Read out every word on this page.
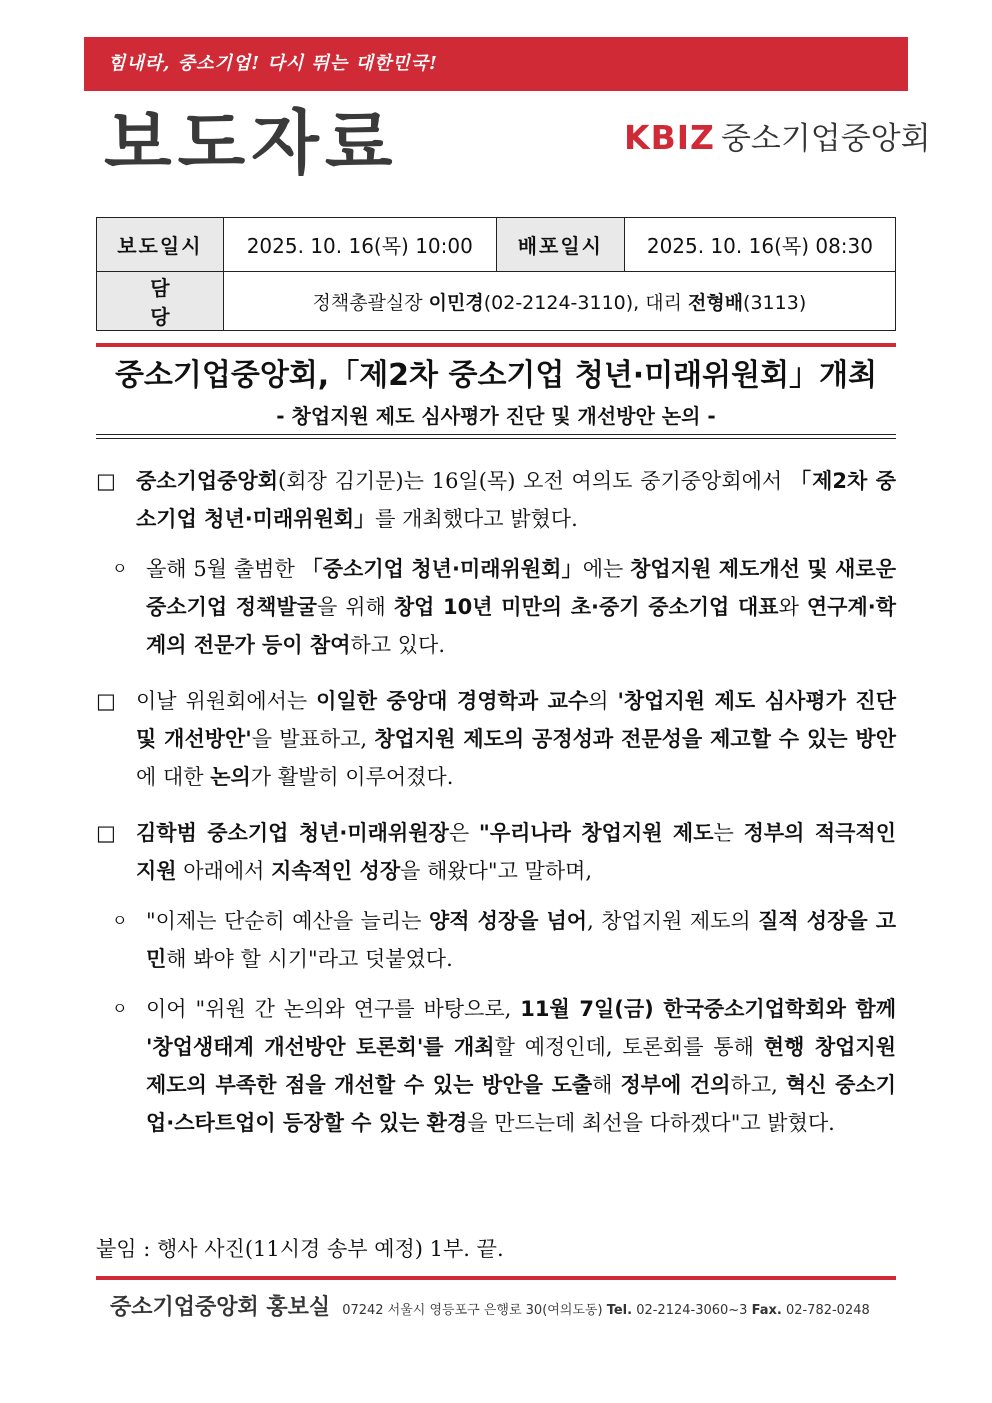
힘내라, 중소기업! 다시 뛰는 대한민국!
보도자료	KBIZ 중소기업중앙회
보도일시	2025. 10. 16(목) 10:00	배포일시	2025. 10. 16(목) 08:30
담당	정책총괄실장 이민경(02-2124-3110), 대리 전형배(3113)		
중소기업중앙회,「제2차 중소기업 청년·미래위원회」개최
- 창업지원 제도 심사평가 진단 및 개선방안 논의 -
□ 중소기업중앙회(회장 김기문)는 16일(목) 오전 여의도 중기중앙회에서 「제2차 중소기업 청년·미래위원회」를 개최했다고 밝혔다.
ㅇ 올해 5월 출범한 「중소기업 청년·미래위원회」에는 창업지원 제도개선 및 새로운 중소기업 정책발굴을 위해 창업 10년 미만의 초·중기 중소기업 대표와 연구계·학계의 전문가 등이 참여하고 있다.
□ 이날 위원회에서는 이일한 중앙대 경영학과 교수의 '창업지원 제도 심사평가 진단 및 개선방안'을 발표하고, 창업지원 제도의 공정성과 전문성을 제고할 수 있는 방안에 대한 논의가 활발히 이루어졌다.
□ 김학범 중소기업 청년·미래위원장은 "우리나라 창업지원 제도는 정부의 적극적인 지원 아래에서 지속적인 성장을 해왔다"고 말하며,
ㅇ "이제는 단순히 예산을 늘리는 양적 성장을 넘어, 창업지원 제도의 질적 성장을 고민해 봐야 할 시기"라고 덧붙였다.
ㅇ 이어 "위원 간 논의와 연구를 바탕으로, 11월 7일(금) 한국중소기업학회와 함께 '창업생태계 개선방안 토론회'를 개최할 예정인데, 토론회를 통해 현행 창업지원 제도의 부족한 점을 개선할 수 있는 방안을 도출해 정부에 건의하고, 혁신 중소기업·스타트업이 등장할 수 있는 환경을 만드는데 최선을 다하겠다"고 밝혔다.
붙임 : 행사 사진(11시경 송부 예정) 1부. 끝.
중소기업중앙회 홍보실 07242 서울시 영등포구 은행로 30(여의도동) Tel. 02-2124-3060~3 Fax. 02-782-0248
